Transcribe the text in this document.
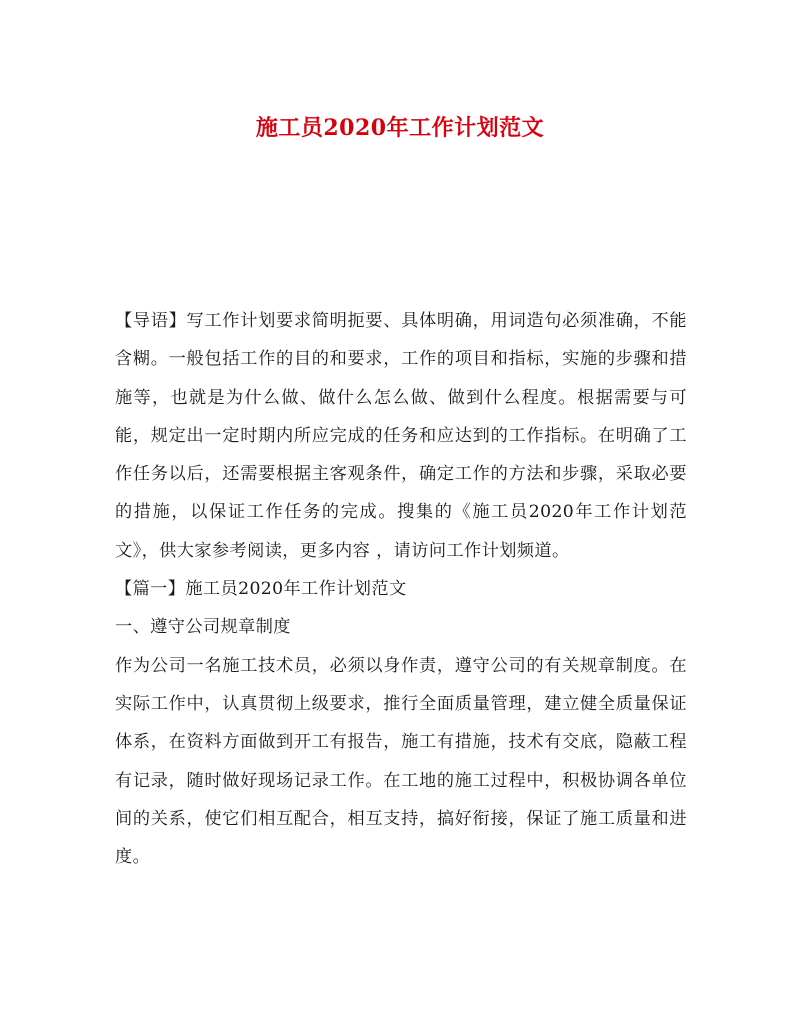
施工员2020年工作计划范文

【导语】写工作计划要求简明扼要、具体明确，用词造句必须准确，不能含糊。一般包括工作的目的和要求，工作的项目和指标，实施的步骤和措施等，也就是为什么做、做什么怎么做、做到什么程度。根据需要与可能，规定出一定时期内所应完成的任务和应达到的工作指标。在明确了工作任务以后，还需要根据主客观条件，确定工作的方法和步骤，采取必要的措施，以保证工作任务的完成。搜集的《施工员2020年工作计划范文》，供大家参考阅读，更多内容 ，请访问工作计划频道。

【篇一】施工员2020年工作计划范文

一、遵守公司规章制度

作为公司一名施工技术员，必须以身作责，遵守公司的有关规章制度。在实际工作中，认真贯彻上级要求，推行全面质量管理，建立健全质量保证体系，在资料方面做到开工有报告，施工有措施，技术有交底，隐蔽工程有记录，随时做好现场记录工作。在工地的施工过程中，积极协调各单位间的关系，使它们相互配合，相互支持，搞好衔接，保证了施工质量和进度。
